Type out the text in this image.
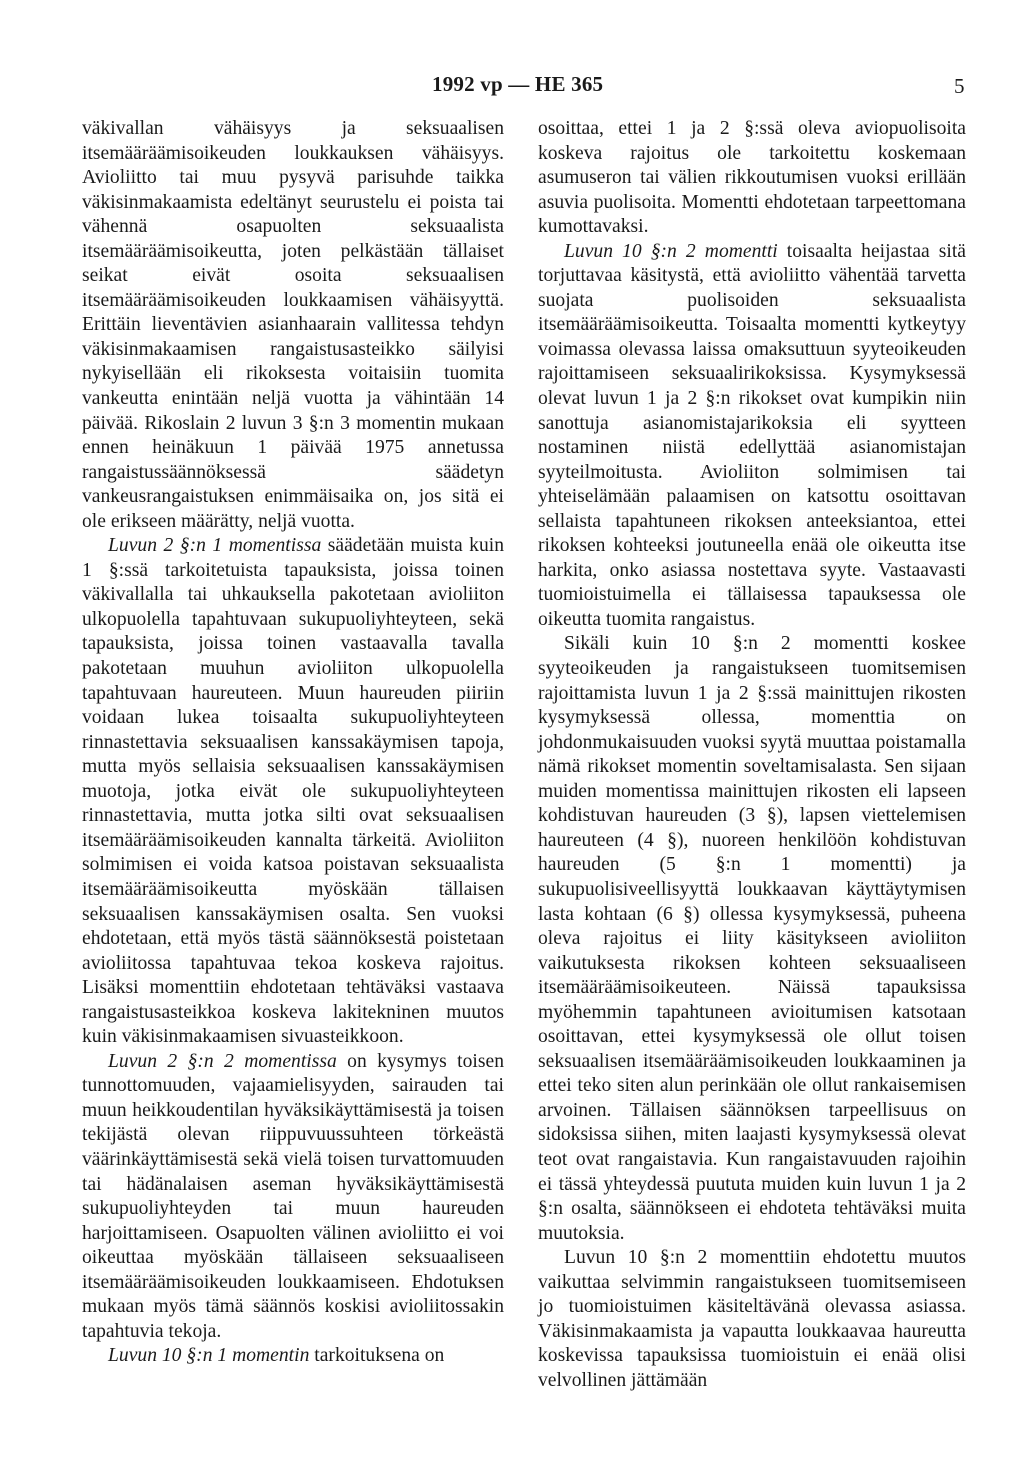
1992 vp — HE 365	5

väkivallan vähäisyys ja seksuaalisen itsemääräämisoikeuden loukkauksen vähäisyys. Avioliitto tai muu pysyvä parisuhde taikka väkisinmakaamista edeltänyt seurustelu ei poista tai vähennä osapuolten seksuaalista itsemääräämisoikeutta, joten pelkästään tällaiset seikat eivät osoita seksuaalisen itsemääräämisoikeuden loukkaamisen vähäisyyttä. Erittäin lieventävien asianhaarain vallitessa tehdyn väkisinmakaamisen rangaistusasteikko säilyisi nykyisellään eli rikoksesta voitaisiin tuomita vankeutta enintään neljä vuotta ja vähintään 14 päivää. Rikoslain 2 luvun 3 §:n 3 momentin mukaan ennen heinäkuun 1 päivää 1975 annetussa rangaistussäännöksessä säädetyn vankeusrangaistuksen enimmäisaika on, jos sitä ei ole erikseen määrätty, neljä vuotta.

Luvun 2 §:n 1 momentissa säädetään muista kuin 1 §:ssä tarkoitetuista tapauksista, joissa toinen väkivallalla tai uhkauksella pakotetaan avioliiton ulkopuolella tapahtuvaan sukupuoliyhteyteen, sekä tapauksista, joissa toinen vastaavalla tavalla pakotetaan muuhun avioliiton ulkopuolella tapahtuvaan haureuteen. Muun haureuden piiriin voidaan lukea toisaalta sukupuoliyhteyteen rinnastettavia seksuaalisen kanssakäymisen tapoja, mutta myös sellaisia seksuaalisen kanssakäymisen muotoja, jotka eivät ole sukupuoliyhteyteen rinnastettavia, mutta jotka silti ovat seksuaalisen itsemääräämisoikeuden kannalta tärkeitä. Avioliiton solmimisen ei voida katsoa poistavan seksuaalista itsemääräämisoikeutta myöskään tällaisen seksuaalisen kanssakäymisen osalta. Sen vuoksi ehdotetaan, että myös tästä säännöksestä poistetaan avioliitossa tapahtuvaa tekoa koskeva rajoitus. Lisäksi momenttiin ehdotetaan tehtäväksi vastaava rangaistusasteikkoa koskeva lakitekninen muutos kuin väkisinmakaamisen sivuasteikkoon.

Luvun 2 §:n 2 momentissa on kysymys toisen tunnottomuuden, vajaamielisyyden, sairauden tai muun heikkoudentilan hyväksikäyttämisestä ja toisen tekijästä olevan riippuvuussuhteen törkeästä väärinkäyttämisestä sekä vielä toisen turvattomuuden tai hädänalaisen aseman hyväksikäyttämisestä sukupuoliyhteyden tai muun haureuden harjoittamiseen. Osapuolten välinen avioliitto ei voi oikeuttaa myöskään tällaiseen seksuaaliseen itsemääräämisoikeuden loukkaamiseen. Ehdotuksen mukaan myös tämä säännös koskisi avioliitossakin tapahtuvia tekoja.

Luvun 10 §:n 1 momentin tarkoituksena on

osoittaa, ettei 1 ja 2 §:ssä oleva aviopuolisoita koskeva rajoitus ole tarkoitettu koskemaan asumuseron tai välien rikkoutumisen vuoksi erillään asuvia puolisoita. Momentti ehdotetaan tarpeettomana kumottavaksi.

Luvun 10 §:n 2 momentti toisaalta heijastaa sitä torjuttavaa käsitystä, että avioliitto vähentää tarvetta suojata puolisoiden seksuaalista itsemääräämisoikeutta. Toisaalta momentti kytkeytyy voimassa olevassa laissa omaksuttuun syyteoikeuden rajoittamiseen seksuaalirikoksissa. Kysymyksessä olevat luvun 1 ja 2 §:n rikokset ovat kumpikin niin sanottuja asianomistajarikoksia eli syytteen nostaminen niistä edellyttää asianomistajan syyteilmoitusta. Avioliiton solmimisen tai yhteiselämään palaamisen on katsottu osoittavan sellaista tapahtuneen rikoksen anteeksiantoa, ettei rikoksen kohteeksi joutuneella enää ole oikeutta itse harkita, onko asiassa nostettava syyte. Vastaavasti tuomioistuimella ei tällaisessa tapauksessa ole oikeutta tuomita rangaistus.

Sikäli kuin 10 §:n 2 momentti koskee syyteoikeuden ja rangaistukseen tuomitsemisen rajoittamista luvun 1 ja 2 §:ssä mainittujen rikosten kysymyksessä ollessa, momenttia on johdonmukaisuuden vuoksi syytä muuttaa poistamalla nämä rikokset momentin soveltamisalasta. Sen sijaan muiden momentissa mainittujen rikosten eli lapseen kohdistuvan haureuden (3 §), lapsen viettelemisen haureuteen (4 §), nuoreen henkilöön kohdistuvan haureuden (5 §:n 1 momentti) ja sukupuolisiveellisyyttä loukkaavan käyttäytymisen lasta kohtaan (6 §) ollessa kysymyksessä, puheena oleva rajoitus ei liity käsitykseen avioliiton vaikutuksesta rikoksen kohteen seksuaaliseen itsemääräämisoikeuteen. Näissä tapauksissa myöhemmin tapahtuneen avioitumisen katsotaan osoittavan, ettei kysymyksessä ole ollut toisen seksuaalisen itsemääräämisoikeuden loukkaaminen ja ettei teko siten alun perinkään ole ollut rankaisemisen arvoinen. Tällaisen säännöksen tarpeellisuus on sidoksissa siihen, miten laajasti kysymyksessä olevat teot ovat rangaistavia. Kun rangaistavuuden rajoihin ei tässä yhteydessä puututa muiden kuin luvun 1 ja 2 §:n osalta, säännökseen ei ehdoteta tehtäväksi muita muutoksia.

Luvun 10 §:n 2 momenttiin ehdotettu muutos vaikuttaa selvimmin rangaistukseen tuomitsemiseen jo tuomioistuimen käsiteltävänä olevassa asiassa. Väkisinmakaamista ja vapautta loukkaavaa haureutta koskevissa tapauksissa tuomioistuin ei enää olisi velvollinen jättämään
